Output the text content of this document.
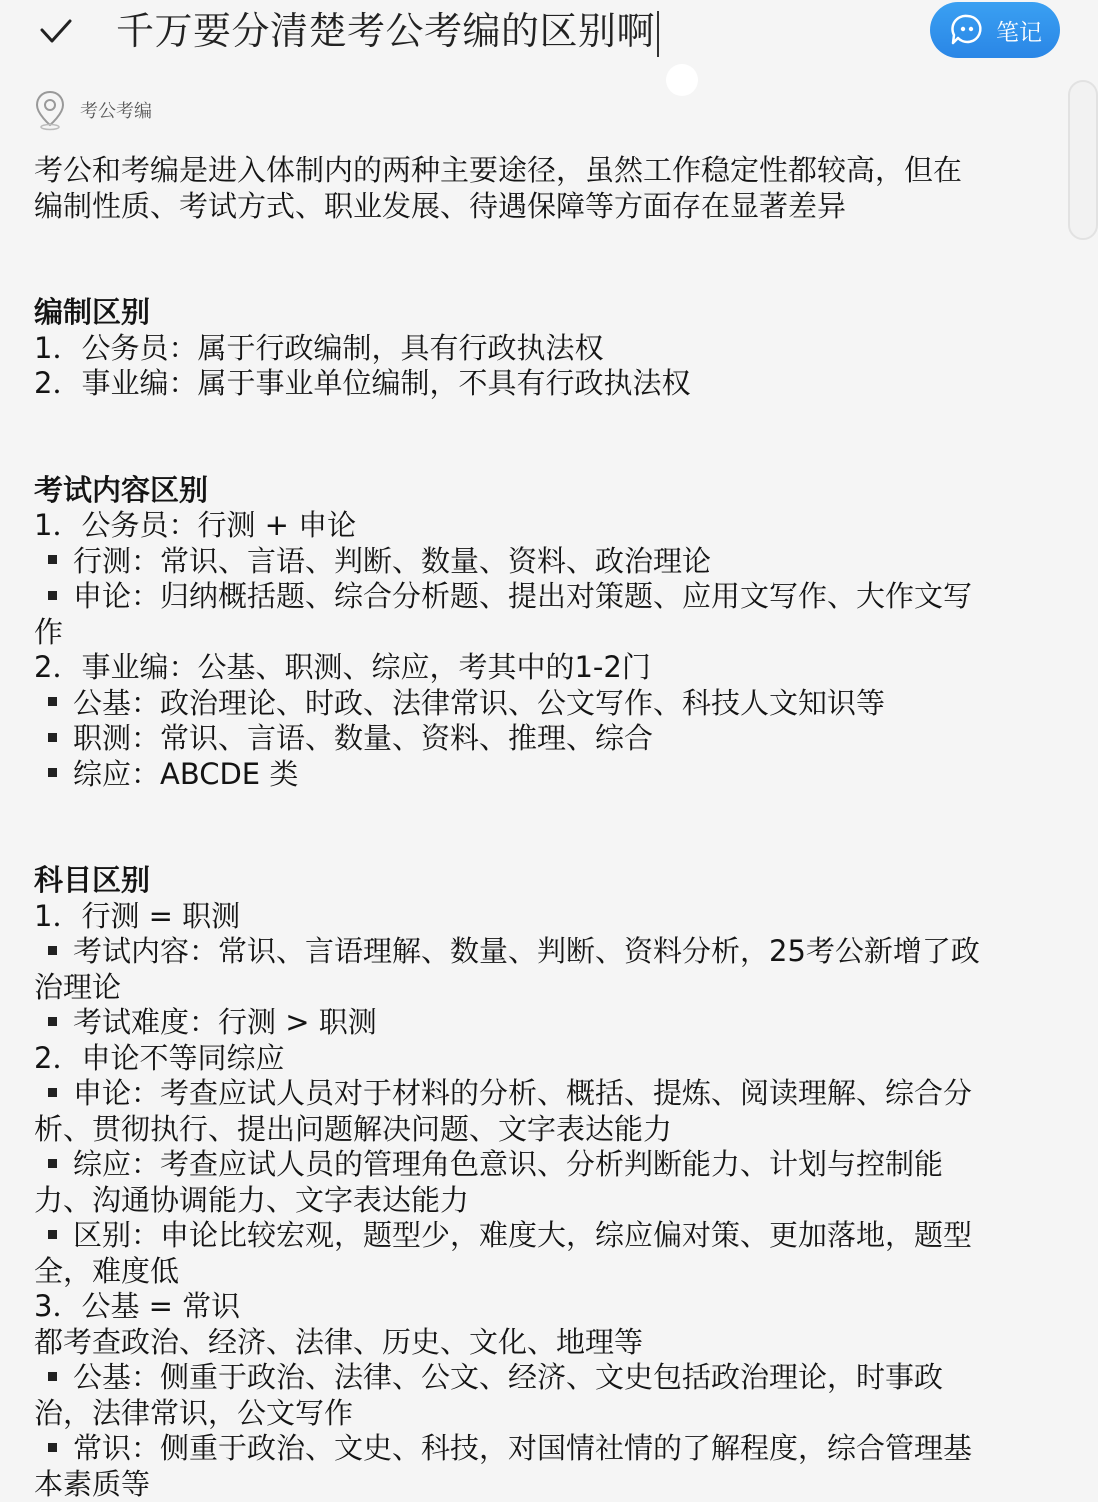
千万要分清楚考公考编的区别啊	笔记
考公考编

考公和考编是进入体制内的两种主要途径，虽然工作稳定性都较高，但在

编制性质、考试方式、职业发展、待遇保障等方面存在显著差异

编制区别

1．公务员：属于行政编制，具有行政执法权

2．事业编：属于事业单位编制，不具有行政执法权

考试内容区别

1．公务员：行测 + 申论

行测：常识、言语、判断、数量、资料、政治理论

申论：归纳概括题、综合分析题、提出对策题、应用文写作、大作文写

作

2．事业编：公基、职测、综应，考其中的1-2门

公基：政治理论、时政、法律常识、公文写作、科技人文知识等

职测：常识、言语、数量、资料、推理、综合

综应：ABCDE 类

科目区别

1．行测 = 职测

考试内容：常识、言语理解、数量、判断、资料分析，25考公新增了政

治理论

考试难度：行测 > 职测

2．申论不等同综应

申论：考查应试人员对于材料的分析、概括、提炼、阅读理解、综合分

析、贯彻执行、提出问题解决问题、文字表达能力

综应：考查应试人员的管理角色意识、分析判断能力、计划与控制能

力、沟通协调能力、文字表达能力

区别：申论比较宏观，题型少，难度大，综应偏对策、更加落地，题型

全，难度低

3．公基 = 常识

都考查政治、经济、法律、历史、文化、地理等

公基：侧重于政治、法律、公文、经济、文史包括政治理论，时事政

治，法律常识，公文写作

常识：侧重于政治、文史、科技，对国情社情的了解程度，综合管理基

本素质等
